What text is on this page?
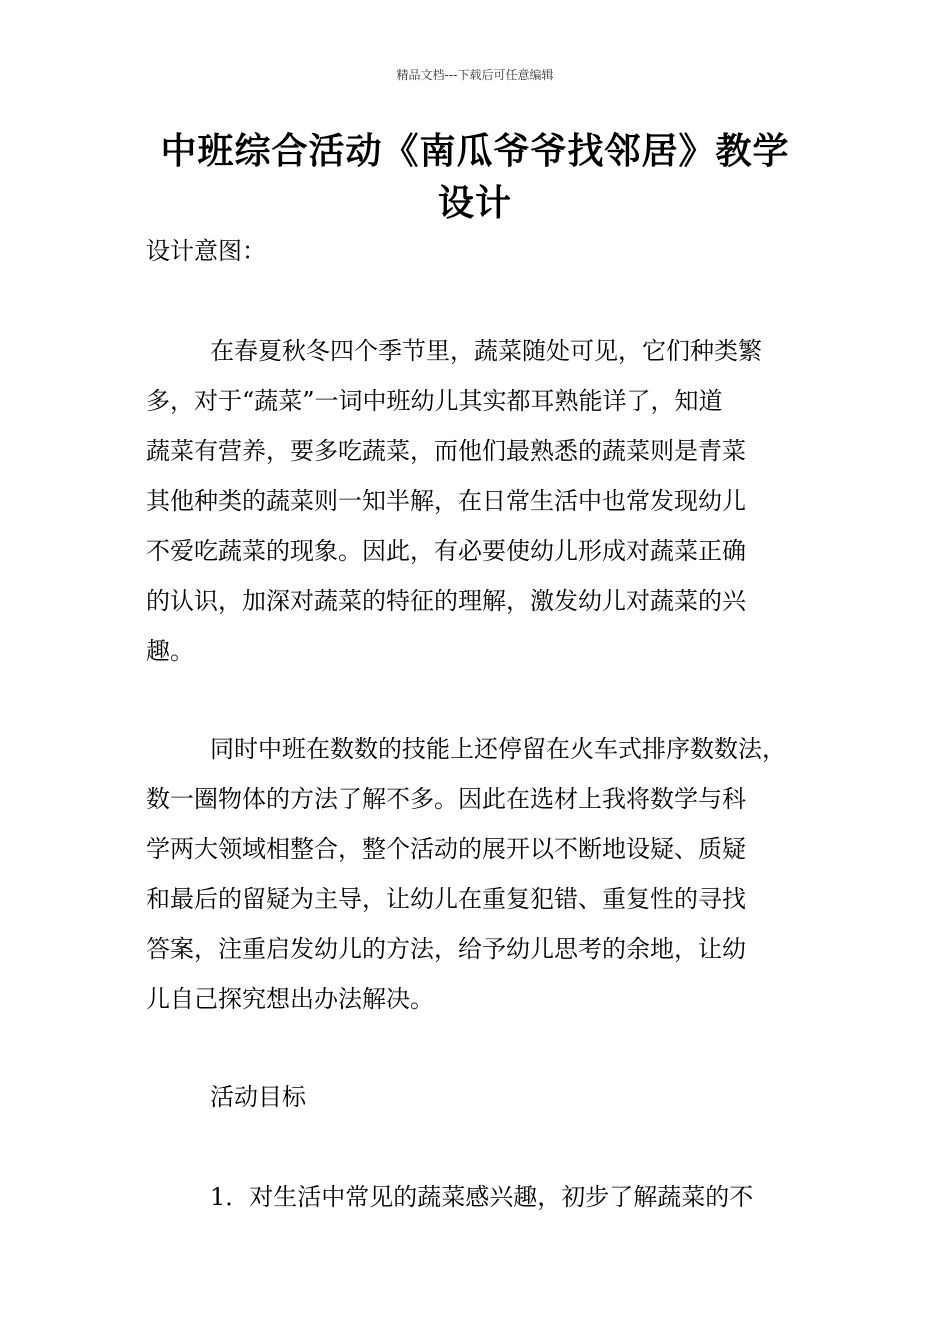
精品文档---下载后可任意编辑
中班综合活动《南瓜爷爷找邻居》教学
设计
设计意图：
在春夏秋冬四个季节里，蔬菜随处可见，它们种类繁
多，对于“蔬菜”一词中班幼儿其实都耳熟能详了，知道
蔬菜有营养，要多吃蔬菜，而他们最熟悉的蔬菜则是青菜
其他种类的蔬菜则一知半解，在日常生活中也常发现幼儿
不爱吃蔬菜的现象。因此，有必要使幼儿形成对蔬菜正确
的认识，加深对蔬菜的特征的理解，激发幼儿对蔬菜的兴
趣。
同时中班在数数的技能上还停留在火车式排序数数法，
数一圈物体的方法了解不多。因此在选材上我将数学与科
学两大领域相整合，整个活动的展开以不断地设疑、质疑
和最后的留疑为主导，让幼儿在重复犯错、重复性的寻找
答案，注重启发幼儿的方法，给予幼儿思考的余地，让幼
儿自己探究想出办法解决。
活动目标
1．对生活中常见的蔬菜感兴趣，初步了解蔬菜的不
